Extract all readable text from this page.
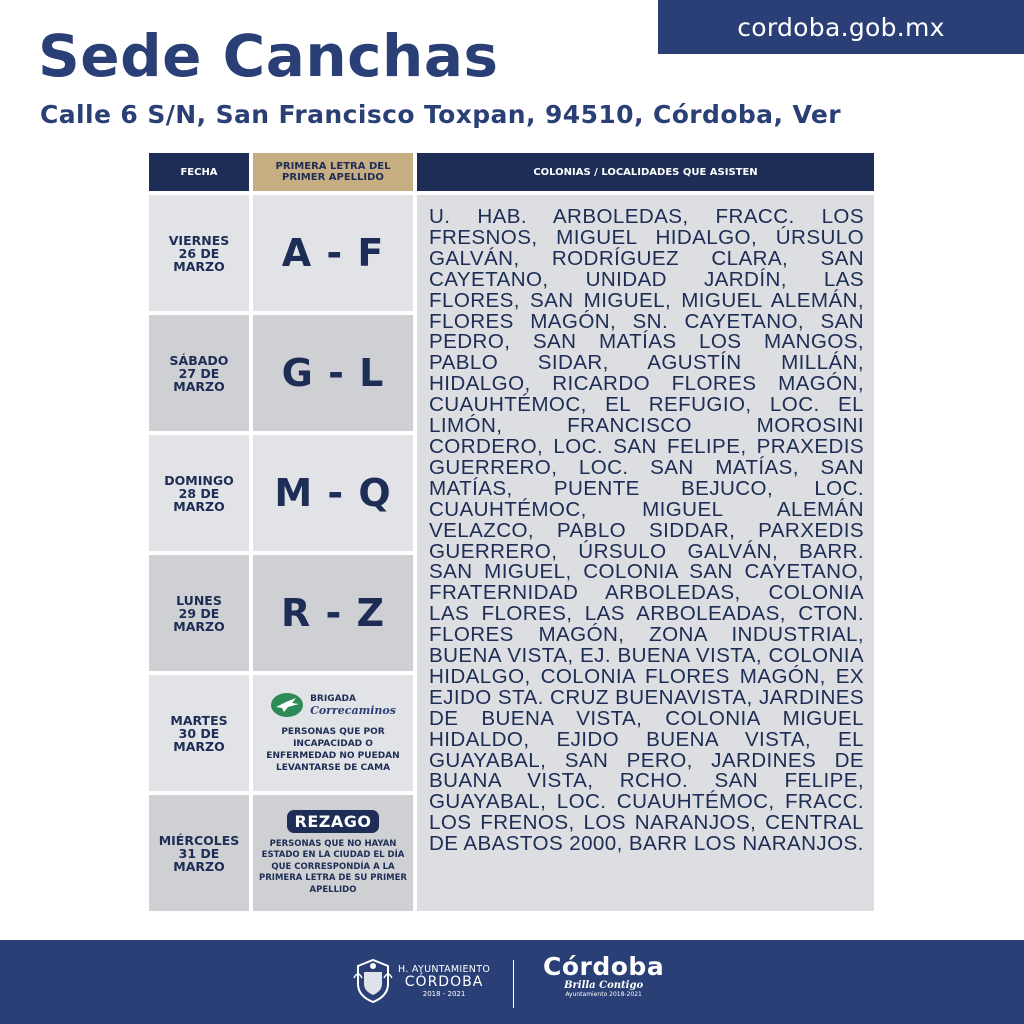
cordoba.gob.mx
Sede Canchas
Calle 6 S/N, San Francisco Toxpan, 94510, Córdoba, Ver
FECHA	PRIMERA LETRA DEL PRIMER APELLIDO	COLONIAS / LOCALIDADES QUE ASISTEN
VIERNES
26 DE
MARZO A - F
SÁBADO
27 DE
MARZO G - L
DOMINGO
28 DE
MARZO M - Q
LUNES
29 DE
MARZO R - Z
MARTES
30 DE
MARZO
BRIGADA
Correcaminos
PERSONAS QUE POR INCAPACIDAD O ENFERMEDAD NO PUEDAN LEVANTARSE DE CAMA
MIÉRCOLES
31 DE
MARZO
REZAGO
PERSONAS QUE NO HAYAN ESTADO EN LA CIUDAD EL DÍA QUE CORRESPONDÍA A LA PRIMERA LETRA DE SU PRIMER APELLIDO
U. HAB. ARBOLEDAS, FRACC. LOS FRESNOS, MIGUEL HIDALGO, ÚRSULO GALVÁN, RODRÍGUEZ CLARA, SAN CAYETANO, UNIDAD JARDÍN, LAS FLORES, SAN MIGUEL, MIGUEL ALEMÁN, FLORES MAGÓN, SN. CAYETANO, SAN PEDRO, SAN MATÍAS LOS MANGOS, PABLO SIDAR, AGUSTÍN MILLÁN, HIDALGO, RICARDO FLORES MAGÓN, CUAUHTÉMOC, EL REFUGIO, LOC. EL LIMÓN, FRANCISCO MOROSINI CORDERO, LOC. SAN FELIPE, PRAXEDIS GUERRERO, LOC. SAN MATÍAS, SAN MATÍAS, PUENTE BEJUCO, LOC. CUAUHTÉMOC, MIGUEL ALEMÁN VELAZCO, PABLO SIDDAR, PARXEDIS GUERRERO, ÚRSULO GALVÁN, BARR. SAN MIGUEL, COLONIA SAN CAYETANO, FRATERNIDAD ARBOLEDAS, COLONIA LAS FLORES, LAS ARBOLEADAS, CTON. FLORES MAGÓN, ZONA INDUSTRIAL, BUENA VISTA, EJ. BUENA VISTA, COLONIA HIDALGO, COLONIA FLORES MAGÓN, EX EJIDO STA. CRUZ BUENAVISTA, JARDINES DE BUENA VISTA, COLONIA MIGUEL HIDALDO, EJIDO BUENA VISTA, EL GUAYABAL, SAN PERO, JARDINES DE BUANA VISTA, RCHO. SAN FELIPE, GUAYABAL, LOC. CUAUHTÉMOC, FRACC. LOS FRENOS, LOS NARANJOS, CENTRAL DE ABASTOS 2000, BARR LOS NARANJOS.
H. AYUNTAMIENTO
CÓRDOBA
2018 - 2021
Córdoba
Brilla Contigo
Ayuntamiento 2018-2021
